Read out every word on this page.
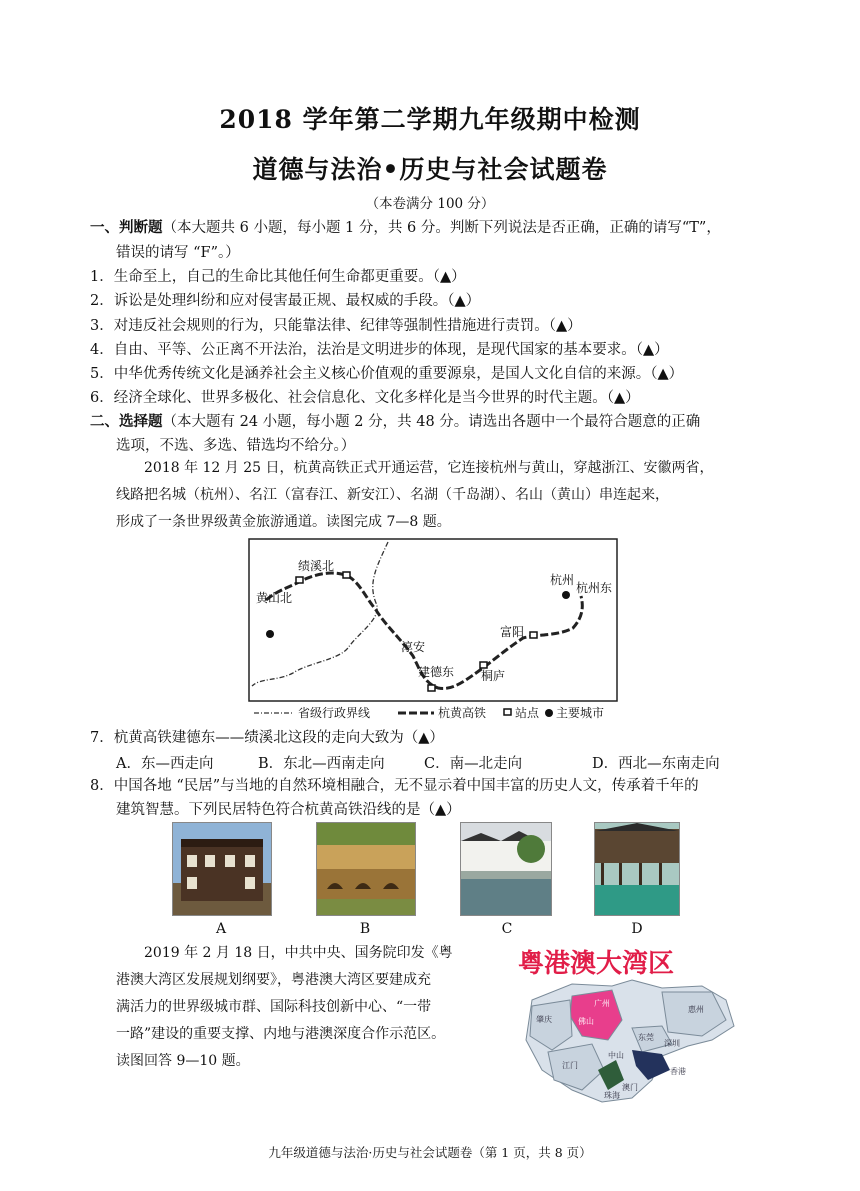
2018 学年第二学期九年级期中检测
道德与法治•历史与社会试题卷
（本卷满分 100 分）
一、判断题（本大题共 6 小题，每小题 1 分，共 6 分。判断下列说法是否正确，正确的请写“T”，
错误的请写 “F”。）
1．生命至上，自己的生命比其他任何生命都更重要。（▲）
2．诉讼是处理纠纷和应对侵害最正规、最权威的手段。（▲）
3．对违反社会规则的行为，只能靠法律、纪律等强制性措施进行责罚。（▲）
4．自由、平等、公正离不开法治，法治是文明进步的体现，是现代国家的基本要求。（▲）
5．中华优秀传统文化是涵养社会主义核心价值观的重要源泉，是国人文化自信的来源。（▲）
6．经济全球化、世界多极化、社会信息化、文化多样化是当今世界的时代主题。（▲）
二、选择题（本大题有 24 小题，每小题 2 分，共 48 分。请选出各题中一个最符合题意的正确
选项，不选、多选、错选均不给分。）
2018 年 12 月 25 日，杭黄高铁正式开通运营，它连接杭州与黄山，穿越浙江、安徽两省，
线路把名城（杭州）、名江（富春江、新安江）、名湖（千岛湖）、名山（黄山）串连起来，
形成了一条世界级黄金旅游通道。读图完成 7—8 题。
黄山北
绩溪北
淳安
建德东 桐庐
富阳
杭州
杭州东
省级行政界线	杭黄高铁 站点 主要城市
7．杭黄高铁建德东——绩溪北这段的走向大致为（▲）
A．东—西走向	B．东北—西南走向	C．南—北走向	D．西北—东南走向
8．中国各地 “民居”与当地的自然环境相融合，无不显示着中国丰富的历史人文，传承着千年的
建筑智慧。下列民居特色符合杭黄高铁沿线的是（▲）
A	B	C	D
2019 年 2 月 18 日，中共中央、国务院印发《粤
港澳大湾区发展规划纲要》，粤港澳大湾区要建成充
满活力的世界级城市群、国际科技创新中心、“一带
一路”建设的重要支撑、内地与港澳深度合作示范区。
读图回答 9—10 题。
粤港澳大湾区
肇庆
广州
佛山
惠州
东莞
深圳
中山
江门
珠海
香港
澳门
九年级道德与法治·历史与社会试题卷（第 1 页，共 8 页）
